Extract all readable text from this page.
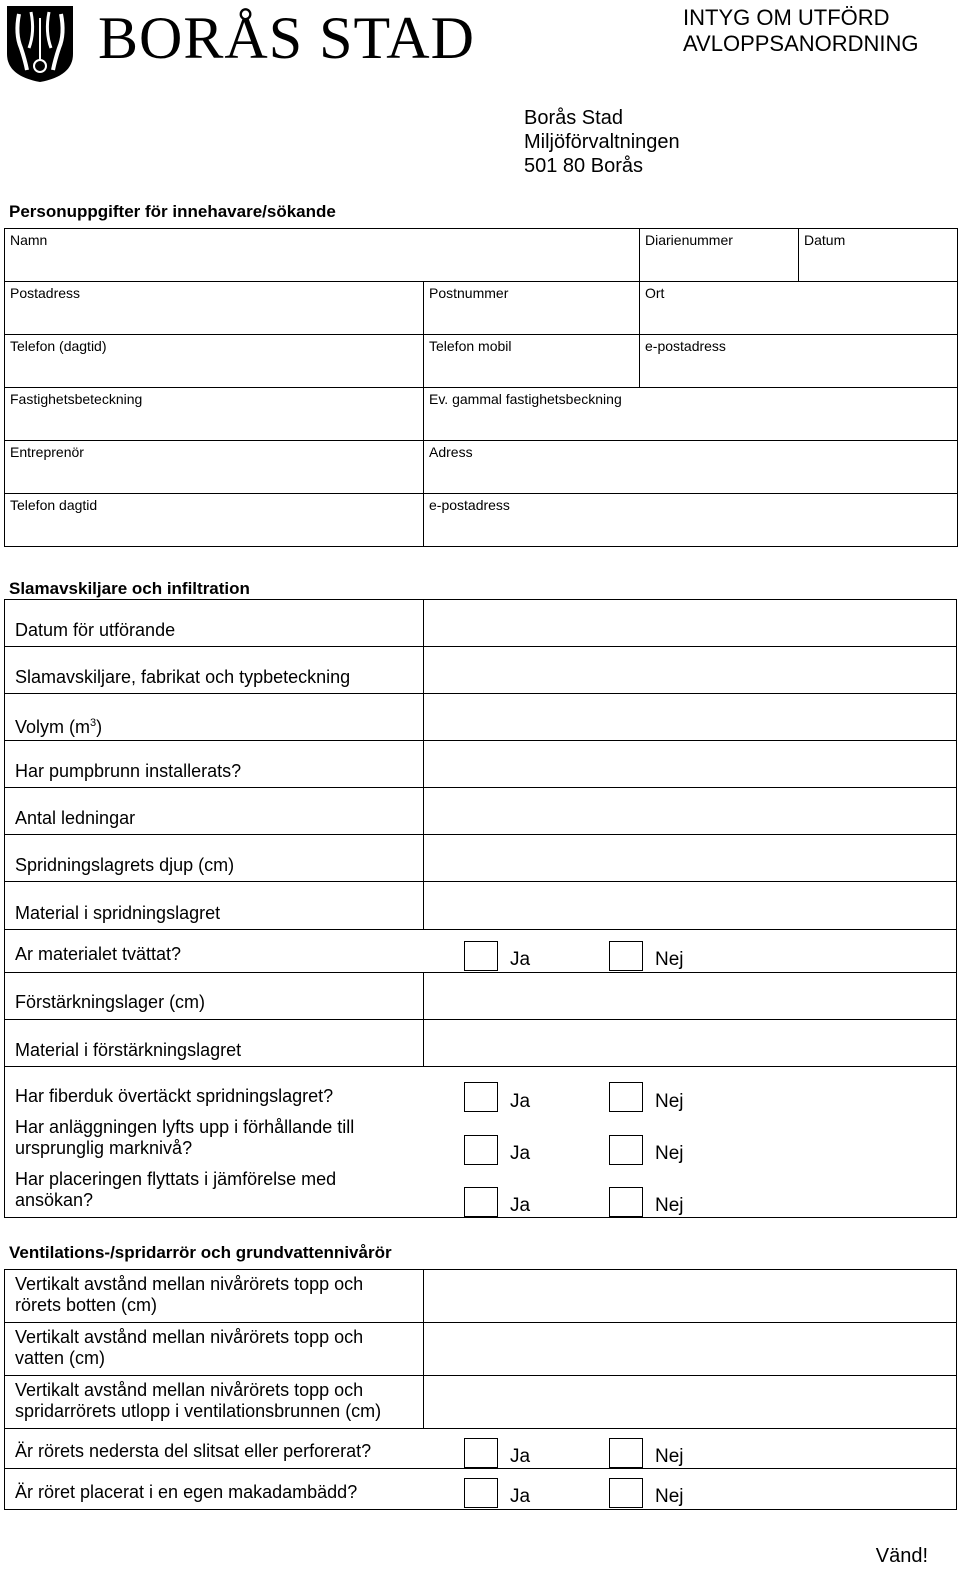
BORÅS STAD	INTYG OM UTFÖRD
AVLOPPSANORDNING
Borås Stad
Miljöförvaltningen
501 80 Borås
Personuppgifter för innehavare/sökande
Namn	Diarienummer	Datum
Postadress	Postnummer	Ort
Telefon (dagtid)	Telefon mobil	e-postadress
Fastighetsbeteckning	Ev. gammal fastighetsbeckning
Entreprenör	Adress
Telefon dagtid	e-postadress
Slamavskiljare och infiltration
Datum för utförande
Slamavskiljare, fabrikat och typbeteckning
Volym $(m^3)$
Har pumpbrunn installerats?
Antal ledningar
Spridningslagrets djup (cm)
Material i spridningslagret
Ar materialet tvättat?	Ja	Nej
Förstärkningslager (cm)
Material i förstärkningslagret
Har fiberduk övertäckt spridningslagret?	Ja	Nej
Har anläggningen lyfts upp i förhållande till
ursprunglig marknivå?	Ja	Nej
Har placeringen flyttats i jämförelse med
ansökan?	Ja	Nej
Ventilations-/spridarrör och grundvattennivårör
Vertikalt avstånd mellan nivårörets topp och
rörets botten (cm)
Vertikalt avstånd mellan nivårörets topp och
vatten (cm)
Vertikalt avstånd mellan nivårörets topp och
spridarrörets utlopp i ventilationsbrunnen (cm)
Är rörets nedersta del slitsat eller perforerat?	Ja	Nej
Är röret placerat i en egen makadambädd?	Ja	Nej
Vänd!
